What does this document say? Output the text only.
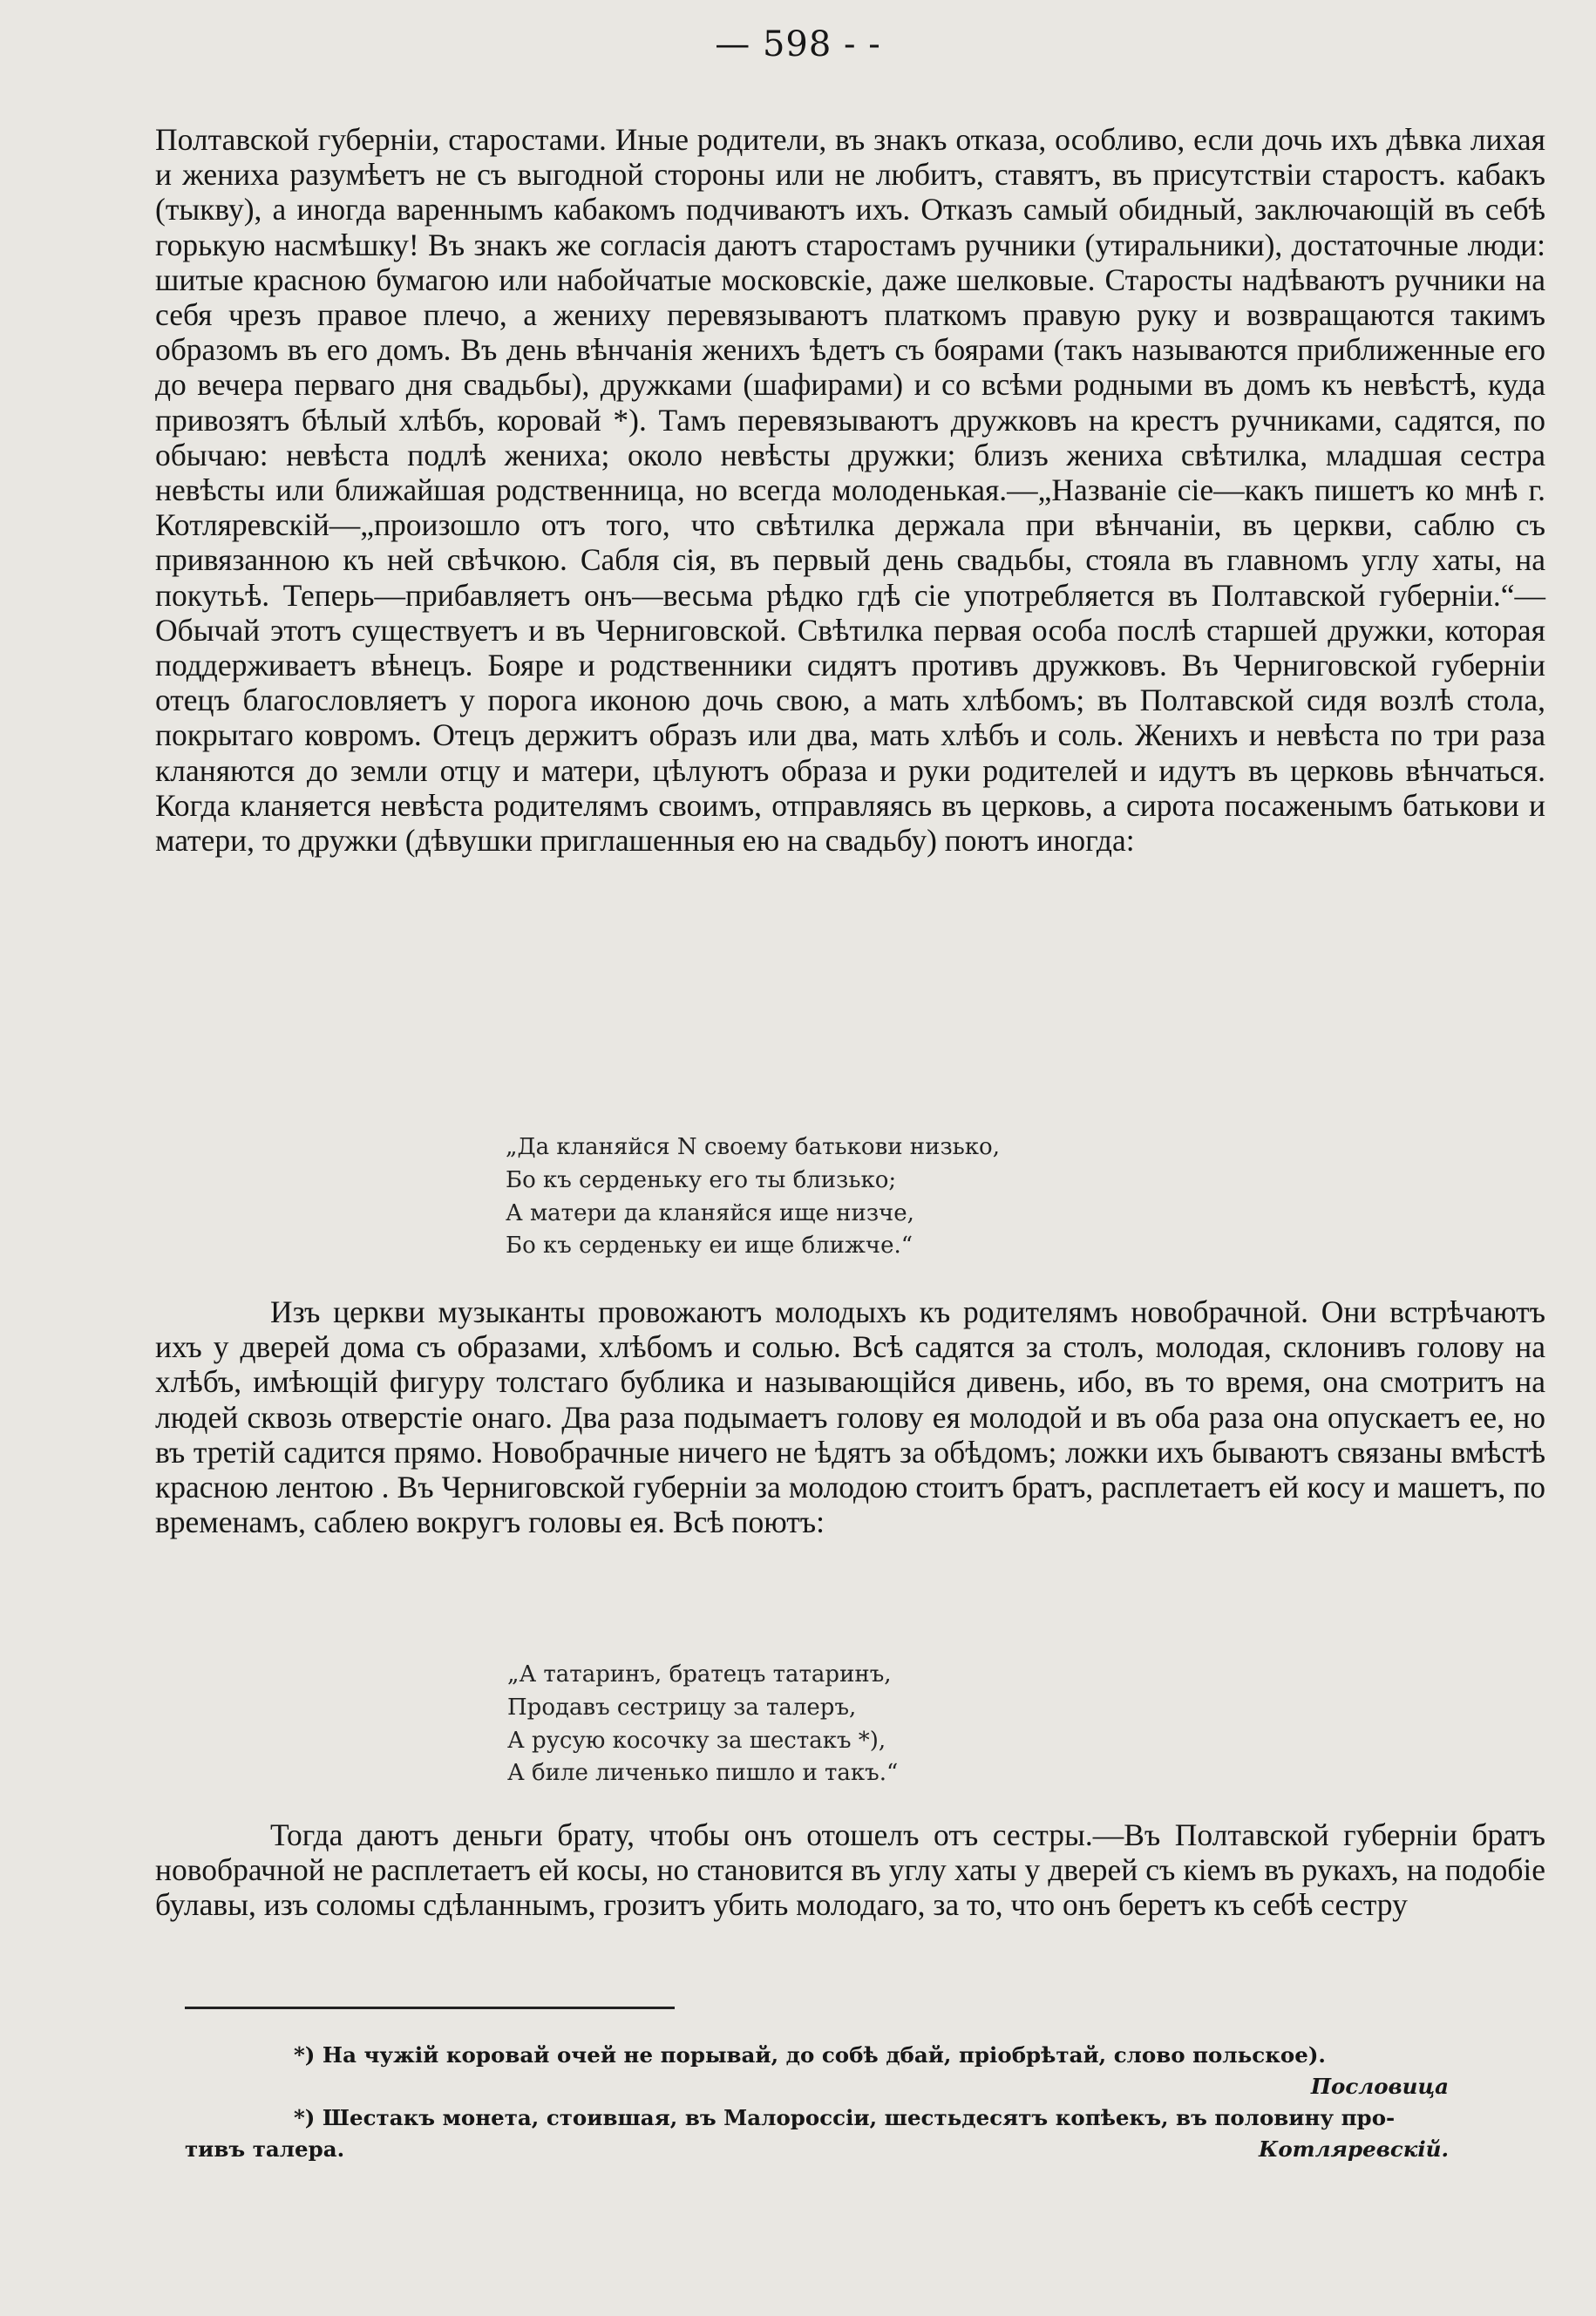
— 598 - -

Полтавской губерніи, старостами. Иные родители, въ знакъ отказа, особливо, если дочь ихъ дѣвка лихая и жениха разумѣетъ не съ выгодной стороны или не любитъ, ставятъ, въ присутствіи старостъ. кабакъ (тыкву), а иногда вареннымъ кабакомъ подчиваютъ ихъ. Отказъ самый обидный, заключающій въ себѣ горькую насмѣшку! Въ знакъ же согласія даютъ старостамъ ручники (утиральники), достаточные люди: шитые красною бумагою или набойчатые московскіе, даже шелковые. Старосты надѣваютъ ручники на себя чрезъ правое плечо, а жениху перевязываютъ платкомъ правую руку и возвращаются такимъ образомъ въ его домъ. Въ день вѣнчанія женихъ ѣдетъ съ боярами (такъ называются приближенные его до вечера перваго дня свадьбы), дружками (шафирами) и со всѣми родными въ домъ къ невѣстѣ, куда привозятъ бѣлый хлѣбъ, коровай *). Тамъ перевязываютъ дружковъ на крестъ ручниками, садятся, по обычаю: невѣста подлѣ жениха; около невѣсты дружки; близъ жениха свѣтилка, младшая сестра невѣсты или ближайшая родственница, но всегда молоденькая.—„Названіе сіе—какъ пишетъ ко мнѣ г. Котляревскій—„произошло отъ того, что свѣтилка держала при вѣнчаніи, въ церкви, саблю съ привязанною къ ней свѣчкою. Сабля сія, въ первый день свадьбы, стояла въ главномъ углу хаты, на покутьѣ. Теперь—прибавляетъ онъ—весьма рѣдко гдѣ сіе употребляется въ Полтавской губерніи.“—Обычай этотъ существуетъ и въ Черниговской. Свѣтилка первая особа послѣ старшей дружки, которая поддерживаетъ вѣнецъ. Бояре и родственники сидятъ противъ дружковъ. Въ Черниговской губерніи отецъ благословляетъ у порога иконою дочь свою, а мать хлѣбомъ; въ Полтавской сидя возлѣ стола, покрытаго ковромъ. Отецъ держитъ образъ или два, мать хлѣбъ и соль. Женихъ и невѣста по три раза кланяются до земли отцу и матери, цѣлуютъ образа и руки родителей и идутъ въ церковь вѣнчаться. Когда кланяется невѣста родителямъ своимъ, отправляясь въ церковь, а сирота посаженымъ батькови и матери, то дружки (дѣвушки приглашенныя ею на свадьбу) поютъ иногда:

„Да кланяйся N своему батькови низько,
Бо къ серденьку его ты близько;
А матери да кланяйся ище низче,
Бо къ серденьку еи ище ближче.“

Изъ церкви музыканты провожаютъ молодыхъ къ родителямъ новобрачной. Они встрѣчаютъ ихъ у дверей дома съ образами, хлѣбомъ и солью. Всѣ садятся за столъ, молодая, склонивъ голову на хлѣбъ, имѣющій фигуру толстаго бублика и называющійся дивень, ибо, въ то время, она смотритъ на людей сквозь отверстіе онаго. Два раза подымаетъ голову ея молодой и въ оба раза она опускаетъ ее, но въ третій садится прямо. Новобрачные ничего не ѣдятъ за обѣдомъ; ложки ихъ бываютъ связаны вмѣстѣ красною лентою . Въ Черниговской губерніи за молодою стоитъ братъ, расплетаетъ ей косу и машетъ, по временамъ, саблею вокругъ головы ея. Всѣ поютъ:

„А татаринъ, братецъ татаринъ,
Продавъ сестрицу за талеръ,
А русую косочку за шестакъ *),
А биле личенько пишло и такъ.“

Тогда даютъ деньги брату, чтобы онъ отошелъ отъ сестры.—Въ Полтавской губерніи братъ новобрачной не расплетаетъ ей косы, но становится въ углу хаты у дверей съ кіемъ въ рукахъ, на подобіе булавы, изъ соломы сдѣланнымъ, грозитъ убить молодаго, за то, что онъ беретъ къ себѣ сестру

*) На чужій коровай очей не порывай, до собѣ дбай, пріобрѣтай, слово польское).
Пословица
*) Шестакъ монета, стоившая, въ Малороссіи, шестьдесятъ копѣекъ, въ половину про-
тивъ талера.	Котляревскій.
